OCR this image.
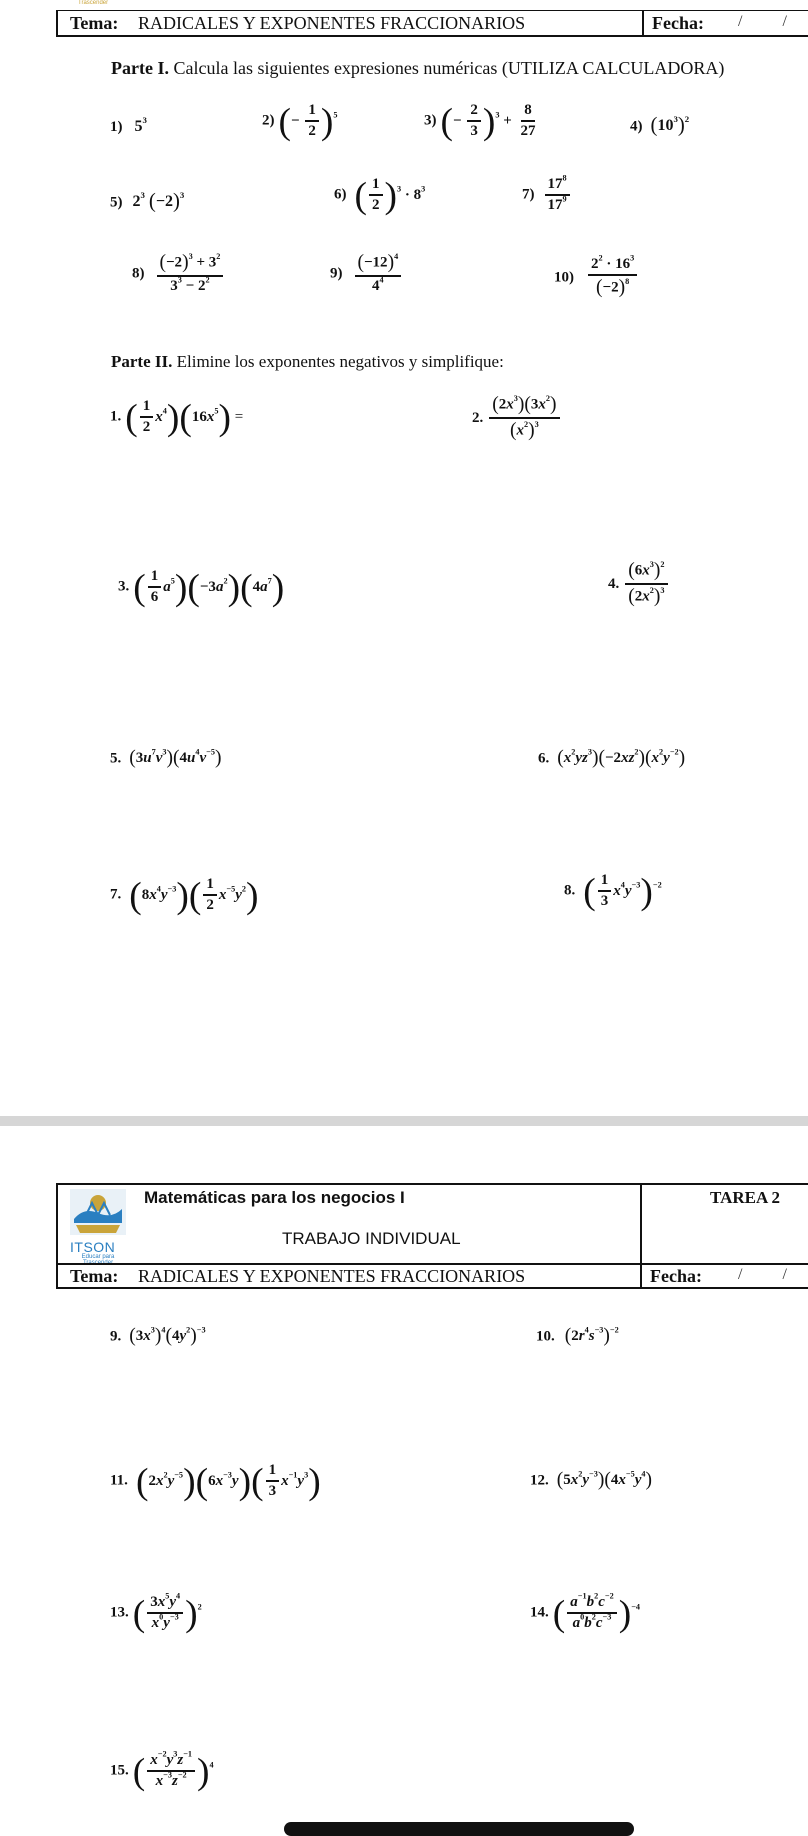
Trascender
Tema: RADICALES Y EXPONENTES FRACCIONARIOS	Fecha: /          /
Parte I. Calcula las siguientes expresiones numéricas (UTILIZA CALCULADORA)
1) $5^3$	2) (− $\frac{1}{2} )^5$	3) (− $\frac{2}{3} )^3 + \frac{8}{27}$	4) $(10^3)^2$
5) $2^3$ $(-2)^3$	6) ( $\frac{1}{2} )^3 \cdot 8^3$	$7) \frac{17^8}{17^9}$
$8) \frac{(-2)^3 + 3^2}{3^3 - 2^2}$	$9) \frac{(-12)^4}{4^4}$	$10) \frac{2^2 \cdot 16^3}{(-2)^8}$
Parte II. Elimine los exponentes negativos y simplifique:
1. ( $\frac{1}{2} x^4)(16x^5)$ =	2. $\frac{(2x^3)(3x^2)}{(x^2)^3}$
3. ( $\frac{1}{6} a^5)(-3a^2)(4a^7)$	4. $\frac{(6x^3)^2}{(2x^2)^3}$
5. $(3u^7v^3)(4u^4v^{-5})$	6. $(x^2yz^3)(-2xz^2)(x^2y^{-2})$
7. $(8x^4y^{-3})( \frac{1}{2} x^{-5}y^2)$	8. ( $\frac{1}{3} x^4y^{-3})^{-2}$
ITSON
Educar para
Trascender
Matemáticas para los negocios I
TRABAJO INDIVIDUAL
TAREA 2
Tema: RADICALES Y EXPONENTES FRACCIONARIOS	Fecha: /          /
9. $(3x^3)^4(4y^2)^{-3}$	10. $(2r^4s^{-3})^{-2}$
11. $(2x^2y^{-5})(6x^{-3}y)( \frac{1}{3} x^{-1}y^3)$	12. $(5x^2y^{-3})(4x^{-5}y^4)$
13. ( $\frac{3x^5y^4}{x^0y^{-3}} )^2$	14. ( $\frac{a^{-1}b^2c^{-2}}{a^0b^2c^{-3}} )^{-4}$
15. ( $\frac{x^{-2}y^3z^{-1}}{x^{-3}z^{-2}} )^4$
